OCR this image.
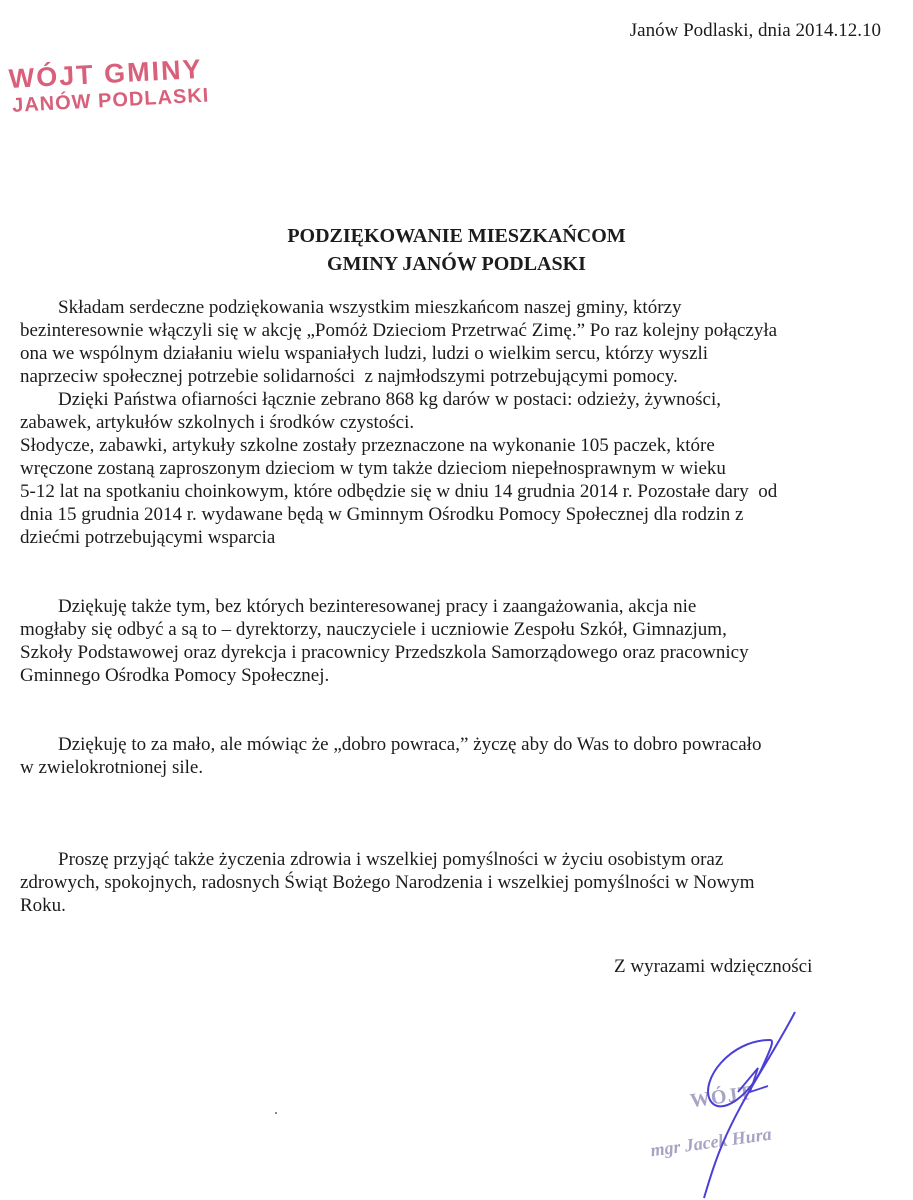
Janów Podlaski, dnia 2014.12.10
WÓJT GMINY
JANÓW PODLASKI
PODZIĘKOWANIE MIESZKAŃCOM
GMINY JANÓW PODLASKI
Składam serdeczne podziękowania wszystkim mieszkańcom naszej gminy, którzy
bezinteresownie włączyli się w akcję „Pomóż Dzieciom Przetrwać Zimę.” Po raz kolejny połączyła
ona we wspólnym działaniu wielu wspaniałych ludzi, ludzi o wielkim sercu, którzy wyszli
naprzeciw społecznej potrzebie solidarności  z najmłodszymi potrzebującymi pomocy.
Dzięki Państwa ofiarności łącznie zebrano 868 kg darów w postaci: odzieży, żywności,
zabawek, artykułów szkolnych i środków czystości.
Słodycze, zabawki, artykuły szkolne zostały przeznaczone na wykonanie 105 paczek, które
wręczone zostaną zaproszonym dzieciom w tym także dzieciom niepełnosprawnym w wieku
5-12 lat na spotkaniu choinkowym, które odbędzie się w dniu 14 grudnia 2014 r. Pozostałe dary  od
dnia 15 grudnia 2014 r. wydawane będą w Gminnym Ośrodku Pomocy Społecznej dla rodzin z
dziećmi potrzebującymi wsparcia
Dziękuję także tym, bez których bezinteresowanej pracy i zaangażowania, akcja nie
mogłaby się odbyć a są to – dyrektorzy, nauczyciele i uczniowie Zespołu Szkół, Gimnazjum,
Szkoły Podstawowej oraz dyrekcja i pracownicy Przedszkola Samorządowego oraz pracownicy
Gminnego Ośrodka Pomocy Społecznej.
Dziękuję to za mało, ale mówiąc że „dobro powraca,” życzę aby do Was to dobro powracało
w zwielokrotnionej sile.
Proszę przyjąć także życzenia zdrowia i wszelkiej pomyślności w życiu osobistym oraz
zdrowych, spokojnych, radosnych Świąt Bożego Narodzenia i wszelkiej pomyślności w Nowym
Roku.
Z wyrazami wdzięczności
WÓJT
mgr Jacek Hura
